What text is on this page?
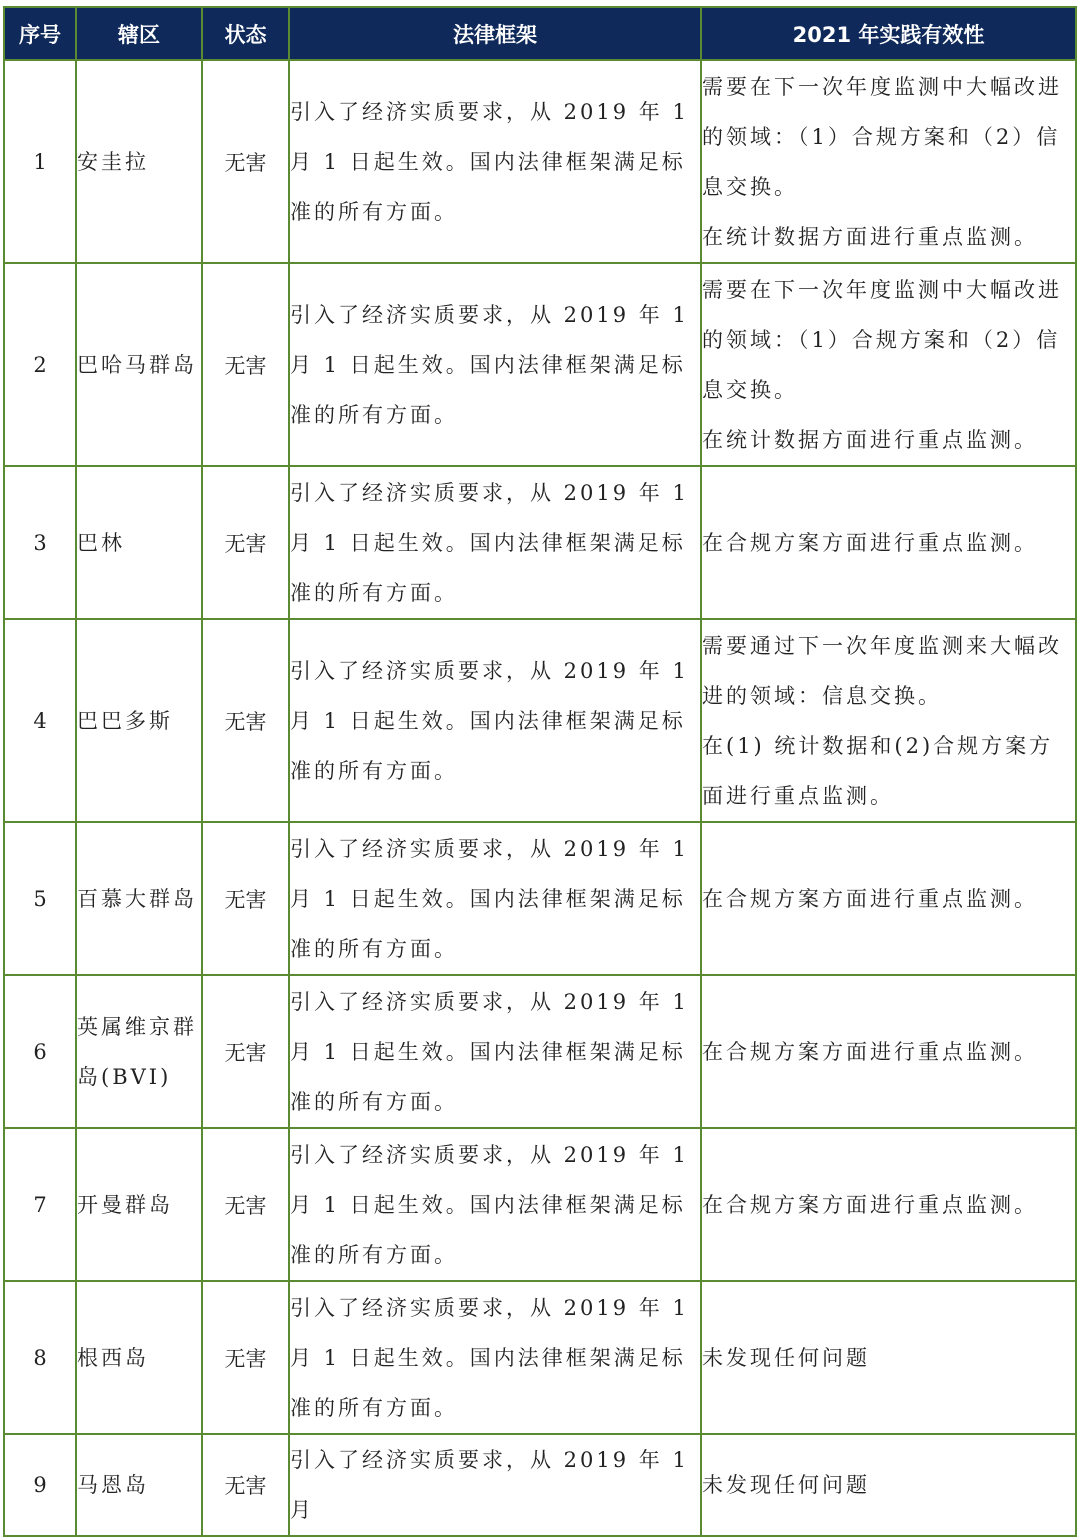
序号	辖区	状态	法律框架	2021 年实践有效性
1	安圭拉	无害	引入了经济实质要求，从 2019 年 1 月 1 日起生效。国内法律框架满足标准的所有方面。	需要在下一次年度监测中大幅改进的领域：（1）合规方案和（2）信息交换。

在统计数据方面进行重点监测。

2	巴哈马群岛	无害	引入了经济实质要求，从 2019 年 1 月 1 日起生效。国内法律框架满足标准的所有方面。	需要在下一次年度监测中大幅改进的领域：（1）合规方案和（2）信息交换。

在统计数据方面进行重点监测。

3	巴林	无害	引入了经济实质要求，从 2019 年 1 月 1 日起生效。国内法律框架满足标准的所有方面。	在合规方案方面进行重点监测。

4	巴巴多斯	无害	引入了经济实质要求，从 2019 年 1 月 1 日起生效。国内法律框架满足标准的所有方面。	需要通过下一次年度监测来大幅改进的领域：信息交换。

在(1) 统计数据和(2)合规方案方面进行重点监测。

5	百慕大群岛	无害	引入了经济实质要求，从 2019 年 1 月 1 日起生效。国内法律框架满足标准的所有方面。	在合规方案方面进行重点监测。

6	英属维京群岛(BVI)	无害	引入了经济实质要求，从 2019 年 1 月 1 日起生效。国内法律框架满足标准的所有方面。	在合规方案方面进行重点监测。

7	开曼群岛	无害	引入了经济实质要求，从 2019 年 1 月 1 日起生效。国内法律框架满足标准的所有方面。	在合规方案方面进行重点监测。

8	根西岛	无害	引入了经济实质要求，从 2019 年 1 月 1 日起生效。国内法律框架满足标准的所有方面。	未发现任何问题

9	马恩岛	无害	引入了经济实质要求，从 2019 年 1 月	未发现任何问题
